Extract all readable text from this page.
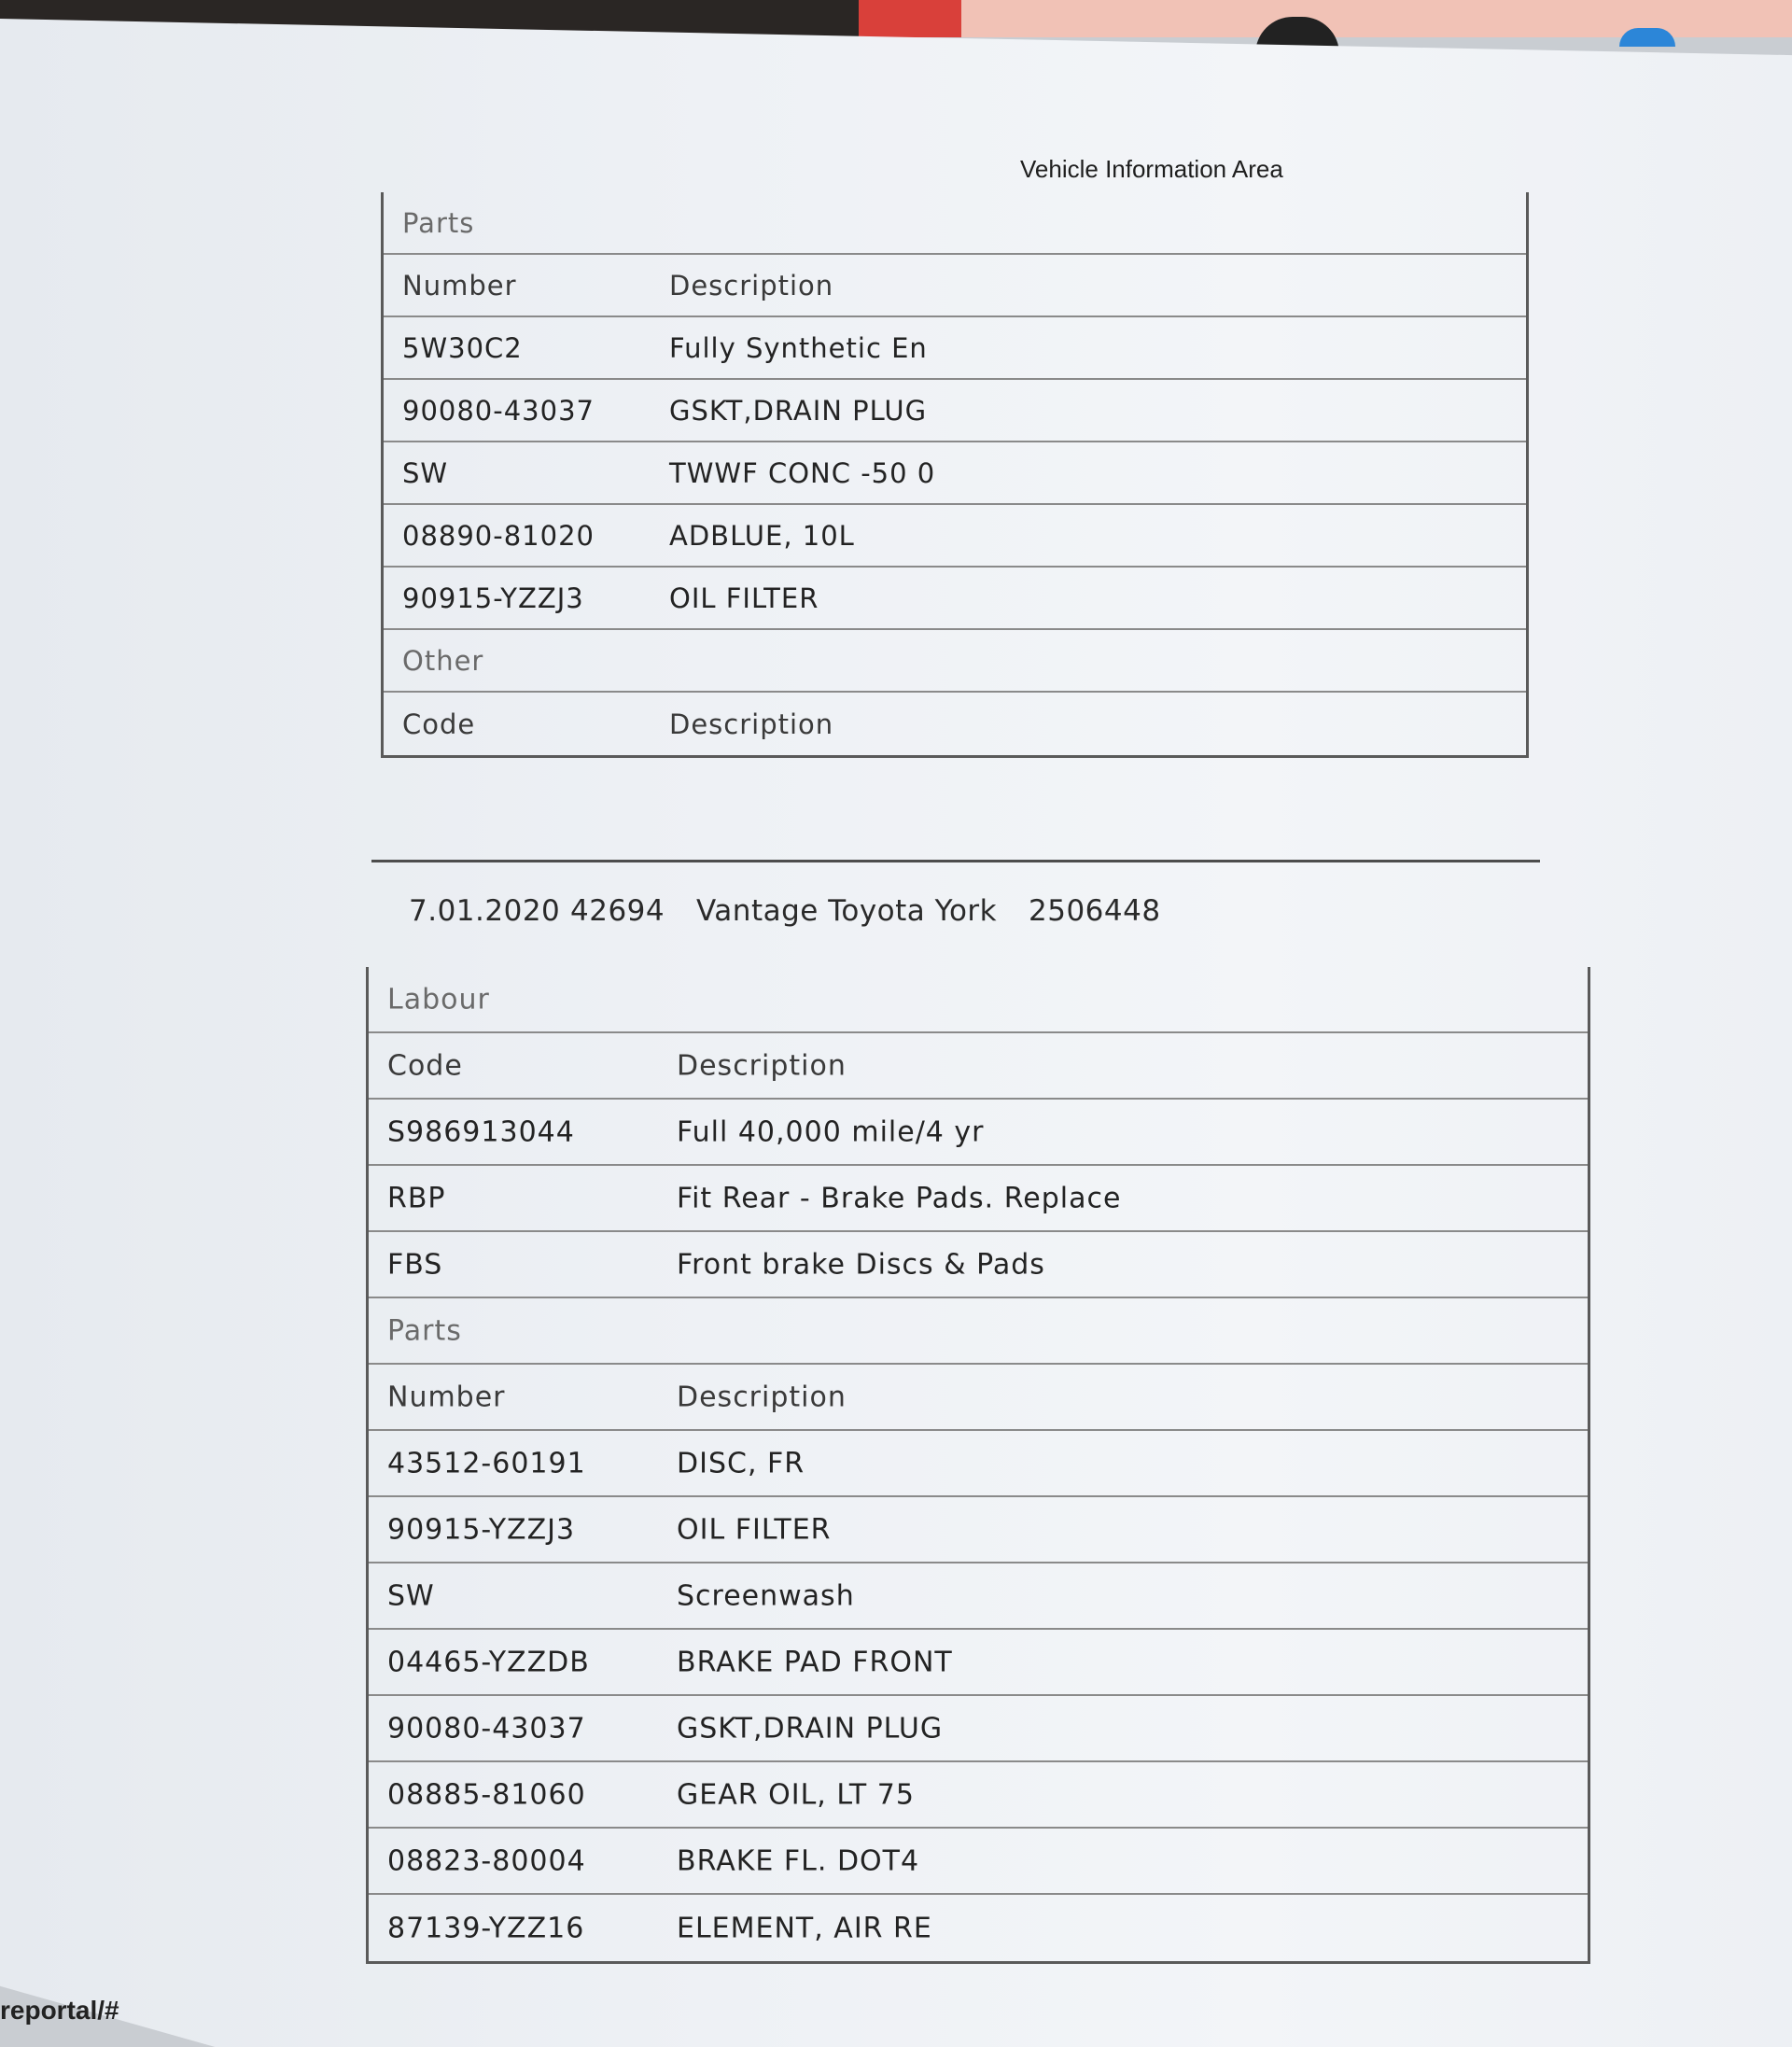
Vehicle Information Area
Parts
Number	Description
5W30C2	Fully Synthetic En
90080-43037	GSKT,DRAIN PLUG
SW	TWWF CONC -50 0
08890-81020	ADBLUE, 10L
90915-YZZJ3	OIL FILTER
Other
Code	Description
7.01.2020 42694 Vantage Toyota York 2506448
Labour
Code	Description
S986913044	Full 40,000 mile/4 yr
RBP	Fit Rear - Brake Pads. Replace
FBS	Front brake Discs & Pads
Parts
Number	Description
43512-60191	DISC, FR
90915-YZZJ3	OIL FILTER
SW	Screenwash
04465-YZZDB	BRAKE PAD FRONT
90080-43037	GSKT,DRAIN PLUG
08885-81060	GEAR OIL, LT 75
08823-80004	BRAKE FL. DOT4
87139-YZZ16	ELEMENT, AIR RE
reportal/#
